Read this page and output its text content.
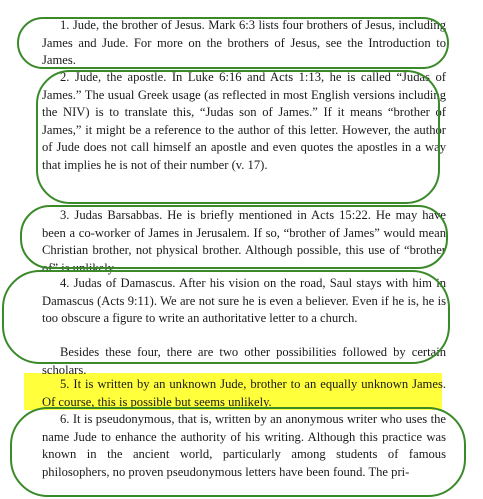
1. Jude, the brother of Jesus. Mark 6:3 lists four brothers of Jesus, including James and Jude. For more on the brothers of Jesus, see the Introduction to James.

2. Jude, the apostle. In Luke 6:16 and Acts 1:13, he is called “Judas of James.” The usual Greek usage (as reflected in most English versions including the NIV) is to translate this, “Judas son of James.” If it means “brother of James,” it might be a reference to the author of this letter. However, the author of Jude does not call himself an apostle and even quotes the apostles in a way that implies he is not of their number (v. 17).

3. Judas Barsabbas. He is briefly mentioned in Acts 15:22. He may have been a co-worker of James in Jerusalem. If so, “brother of James” would mean Christian brother, not physical brother. Although possible, this use of “brother of” is unlikely.

4. Judas of Damascus. After his vision on the road, Saul stays with him in Damascus (Acts 9:11). We are not sure he is even a believer. Even if he is, he is too obscure a figure to write an authoritative letter to a church.

Besides these four, there are two other possibilities followed by certain scholars.

5. It is written by an unknown Jude, brother to an equally unknown James. Of course, this is possible but seems unlikely.

6. It is pseudonymous, that is, written by an anonymous writer who uses the name Jude to enhance the authority of his writing. Although this practice was known in the ancient world, particularly among students of famous philosophers, no proven pseudonymous letters have been found. The pri-
